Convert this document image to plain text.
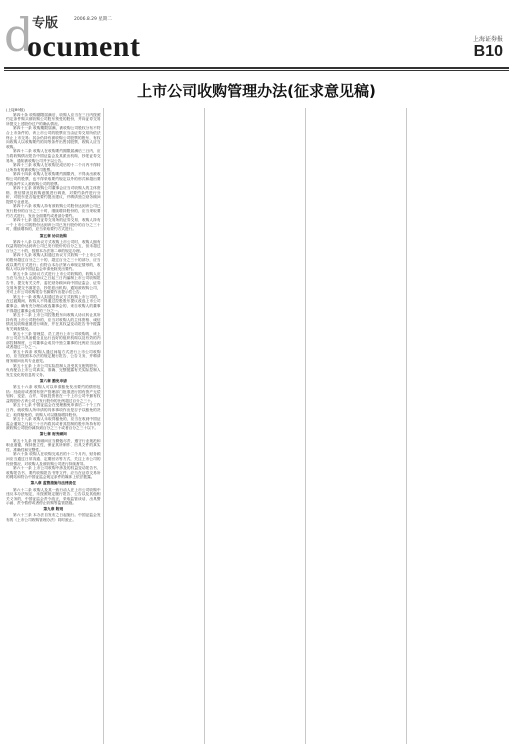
d
ocument
专版	2006.8.29 星期二
上海证券报
B10
上市公司收购管理办法(征求意见稿)

(上接B9版)

第四十条 收购期限届满后，收购人应当在三日内按照约定条件购买被收购公司股东预受的股份，并向证券交易所提交上述股份过户的确认情况。

第四十一条 收购期限届满，被收购公司股权分布不符合上市条件的，该上市公司的股票应当由证券交易所依法终止上市交易；其余仍持有被收购公司股票的股东，有权向收购人以收购要约的同等条件出售其股票，收购人应当收购。

第四十二条 收购人在收购要约期限届满后三日内，应当将收购情况报告中国证监会及其派出机构，抄报证券交易所，通知被收购公司并予以公告。

第四十三条 收购人在收购完成后的十二个月内不得转让所持有的被收购公司股票。

第四十四条 收购人在收购要约期限内，不得卖出被收购公司的股票，也不得采取要约规定以外的形式和超出要约的条件买入被收购公司的股票。

第四十五条 被收购公司董事会应当对收购人的主体资格、资信情况及收购意图进行调查，对要约条件进行分析，对股东是否接受要约提出建议，并聘请独立财务顾问提供专业意见。

第四十六条 收购人持有被收购公司股份达到该公司已发行股份的百分之三十时，继续增持股份的，应当采取要约方式进行，发出全面要约或者部分要约。

第四十七条 通过证券交易所的证券交易，收购人持有一个上市公司的股份达到该公司已发行股份的百分之三十时，继续增持的，应当采取要约方式进行。

第五章 协议收购

第四十八条 以协议方式收购上市公司时，收购人拥有权益的股份达到该公司已发行股份的百分之五，但未超过百分之三十的，按照本办法第二章的规定办理。

第四十九条 收购人拟通过协议方式收购一个上市公司的股份超过百分之三十的，超过百分之三十的部分，应当改以要约方式进行；但符合本办法第六章规定情形的，收购人可以向中国证监会申请免除发出要约。

第五十条 以协议方式进行上市公司收购的，收购人应当在与出让人达成协议之日起三日内编制上市公司收购报告书，提交有关文件，委托财务顾问向中国证监会、证券交易所提交书面报告，抄报派出机构，通知被收购公司，并对上市公司收购报告书摘要作出提示性公告。

第五十一条 收购人拟通过协议方式收购上市公司的，在过渡期间，收购人不得通过控股股东提议改选上市公司董事会，确有充分理由改选董事会的，来自收购人的董事不得超过董事会成员的三分之一。

第五十二条 上市公司控股股东向收购人协议转让其所持有的上市公司股份的，应当对收购人的主体资格、诚信情况及收购意图进行调查，并在其权益变动报告书中披露有关调查情况。

第五十三条 管理层、员工进行上市公司收购的，该上市公司应当具备健全且运行良好的组织机构以及有效的内部控制制度，公司董事会成员中独立董事的比例应当达到或者超过二分之一。

第五十四条 收购人通过间接方式进行上市公司收购的，应当按照本办法的规定履行报告、公告义务，并聘请财务顾问出具专业意见。

第五十五条 上市公司实际控制人及受其支配的股东，负有配合上市公司真实、准确、完整披露有关实际控制人发生变化的信息的义务。

第六章 豁免申请

第五十六条 收购人可以申请豁免发出要约的情形包括：经政府或者国有资产管理部门批准进行国有资产无偿划转、变更、合并，导致投资者在一个上市公司中拥有权益的股份占该公司已发行股份的比例超过百分之三十。

第五十七条 中国证监会在受理豁免申请后二十个工作日内，就收购人所申请的具体事项作出是否予以豁免的决定；取得豁免的，收购人可以继续增持股份。

第五十八条 收购人未取得豁免的，应当在收到中国证监会通知之日起三十日内将其或者其控制的股东所持有的被收购公司股份减持到百分之三十或者百分之三十以下。

第七章 财务顾问

第五十九条 财务顾问应当勤勉尽责，遵守行业规范和职业道德，保持独立性，保证其所制作、出具文件的真实性、准确性和完整性。

第六十条 收购人在收购完成后的十二个月内，财务顾问应当通过日常沟通、定期回访等方式，关注上市公司的经营情况，对收购人及被收购公司进行持续督导。

第六十一条 上市公司收购中涉及的权益变动报告书、收购报告书、要约收购报告书等文件，应当在证券交易所的网站和符合中国证监会规定条件的媒体上依法披露。

第八章 监管措施与法律责任

第六十二条 收购人及其一致行动人在上市公司收购中违反本办法规定，未按照规定履行报告、公告以及其他相关义务的，中国证监会责令改正，采取监管谈话、出具警示函、责令暂停或者停止收购等监管措施。

第九章 附则

第六十三条 本办法自发布之日起施行。中国证监会发布的《上市公司收购管理办法》同时废止。
